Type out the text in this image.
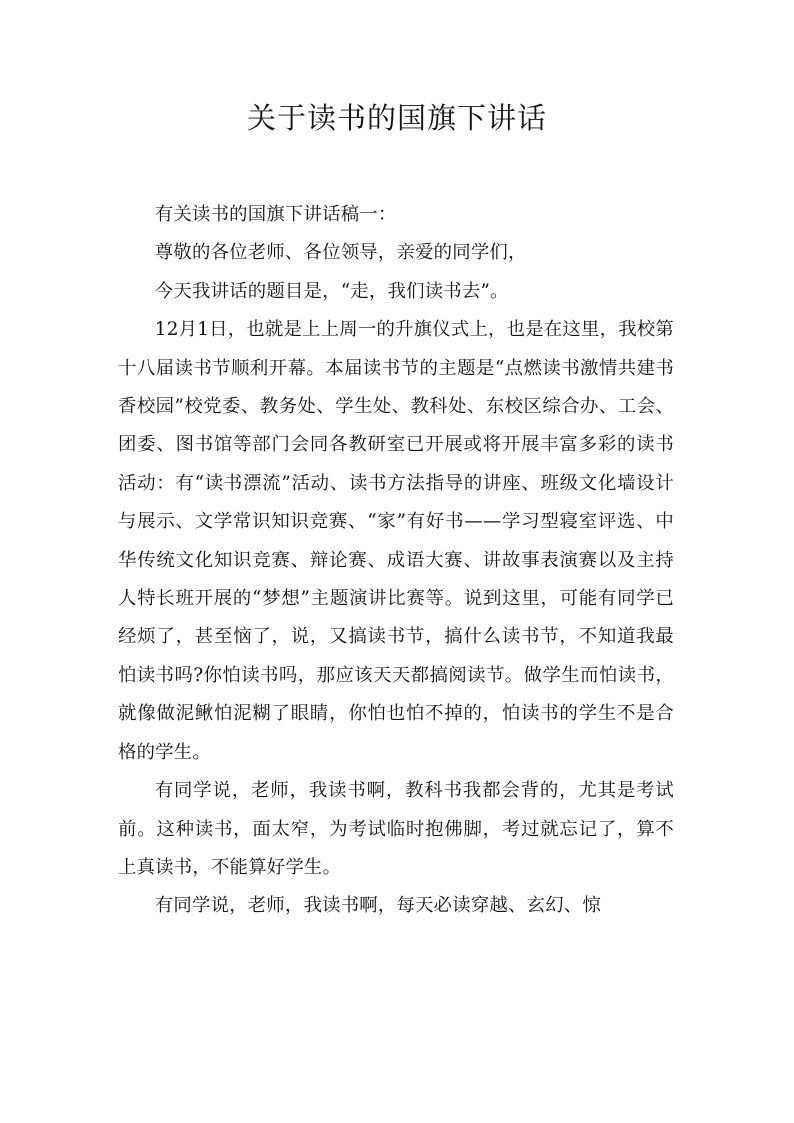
关于读书的国旗下讲话

有关读书的国旗下讲话稿一：

尊敬的各位老师、各位领导，亲爱的同学们，

今天我讲话的题目是，“走，我们读书去”。

12月1日，也就是上上周一的升旗仪式上，也是在这里，我校第十八届读书节顺利开幕。本届读书节的主题是“点燃读书激情共建书香校园”校党委、教务处、学生处、教科处、东校区综合办、工会、团委、图书馆等部门会同各教研室已开展或将开展丰富多彩的读书活动：有“读书漂流”活动、读书方法指导的讲座、班级文化墙设计与展示、文学常识知识竞赛、“家”有好书——学习型寝室评选、中华传统文化知识竞赛、辩论赛、成语大赛、讲故事表演赛以及主持人特长班开展的“梦想”主题演讲比赛等。说到这里，可能有同学已经烦了，甚至恼了，说，又搞读书节，搞什么读书节，不知道我最怕读书吗?你怕读书吗，那应该天天都搞阅读节。做学生而怕读书，就像做泥鳅怕泥糊了眼睛，你怕也怕不掉的，怕读书的学生不是合格的学生。

有同学说，老师，我读书啊，教科书我都会背的，尤其是考试前。这种读书，面太窄，为考试临时抱佛脚，考过就忘记了，算不上真读书，不能算好学生。

有同学说，老师，我读书啊，每天必读穿越、玄幻、惊
